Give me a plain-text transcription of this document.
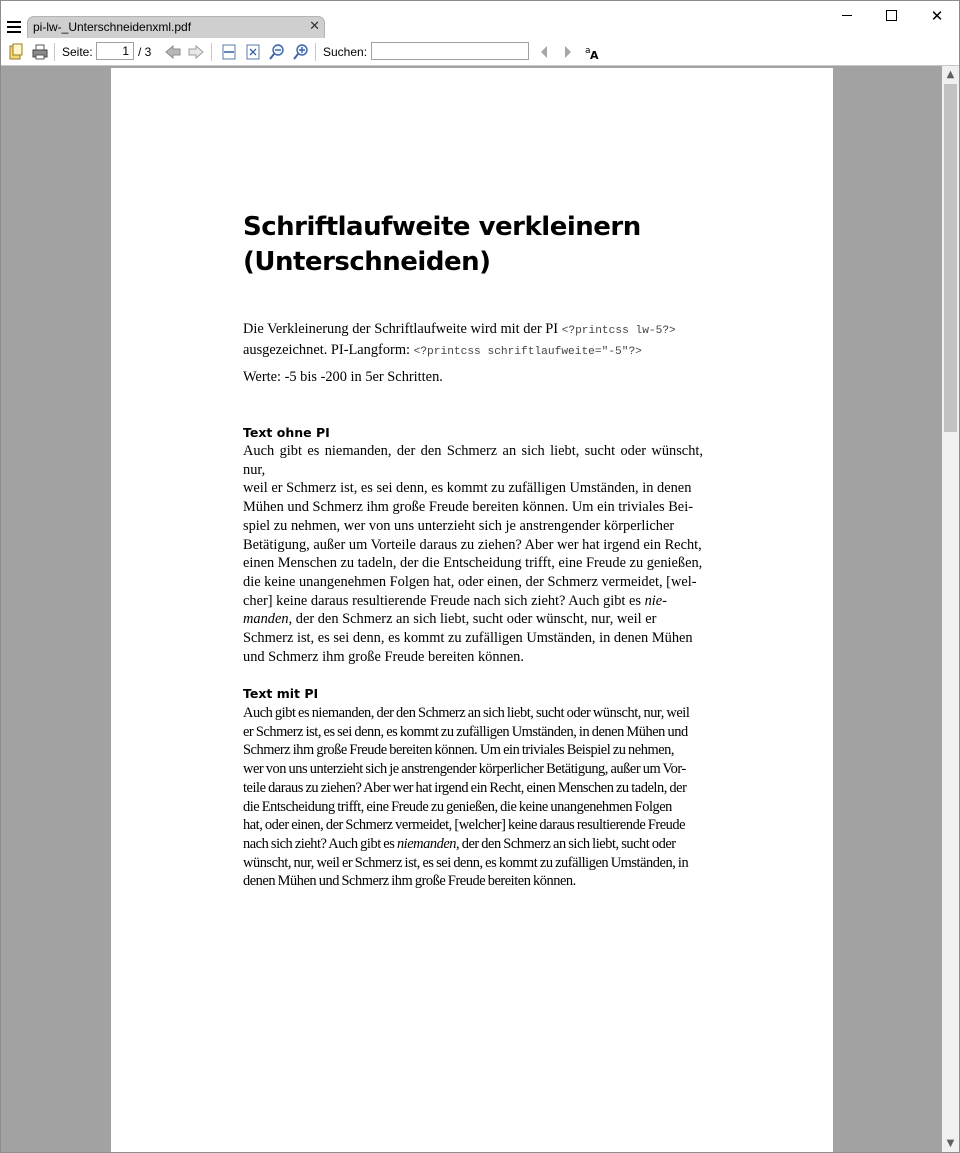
pi-lw-_Unterschneidenxml.pdf	✕
✕
Seite:	1 / 3	Suchen:	a A
Schriftlaufweite verkleinern
(Unterschneiden)
Die Verkleinerung der Schriftlaufweite wird mit der PI <?printcss lw-5?>
ausgezeichnet. PI-Langform: <?printcss schriftlaufweite="-5"?>
Werte: -5 bis -200 in 5er Schritten.
Text ohne PI
Auch gibt es niemanden, der den Schmerz an sich liebt, sucht oder wünscht, nur,
weil er Schmerz ist, es sei denn, es kommt zu zufälligen Umständen, in denen
Mühen und Schmerz ihm große Freude bereiten können. Um ein triviales Bei-
spiel zu nehmen, wer von uns unterzieht sich je anstrengender körperlicher
Betätigung, außer um Vorteile daraus zu ziehen? Aber wer hat irgend ein Recht,
einen Menschen zu tadeln, der die Entscheidung trifft, eine Freude zu genießen,
die keine unangenehmen Folgen hat, oder einen, der Schmerz vermeidet, [wel-
cher] keine daraus resultierende Freude nach sich zieht? Auch gibt es nie-
manden, der den Schmerz an sich liebt, sucht oder wünscht, nur, weil er
Schmerz ist, es sei denn, es kommt zu zufälligen Umständen, in denen Mühen
und Schmerz ihm große Freude bereiten können.
Text mit PI
Auch gibt es niemanden, der den Schmerz an sich liebt, sucht oder wünscht, nur, weil
er Schmerz ist, es sei denn, es kommt zu zufälligen Umständen, in denen Mühen und
Schmerz ihm große Freude bereiten können. Um ein triviales Beispiel zu nehmen,
wer von uns unterzieht sich je anstrengender körperlicher Betätigung, außer um Vor-
teile daraus zu ziehen? Aber wer hat irgend ein Recht, einen Menschen zu tadeln, der
die Entscheidung trifft, eine Freude zu genießen, die keine unangenehmen Folgen
hat, oder einen, der Schmerz vermeidet, [welcher] keine daraus resultierende Freude
nach sich zieht? Auch gibt es niemanden, der den Schmerz an sich liebt, sucht oder
wünscht, nur, weil er Schmerz ist, es sei denn, es kommt zu zufälligen Umständen, in
denen Mühen und Schmerz ihm große Freude bereiten können.
▲
▼
